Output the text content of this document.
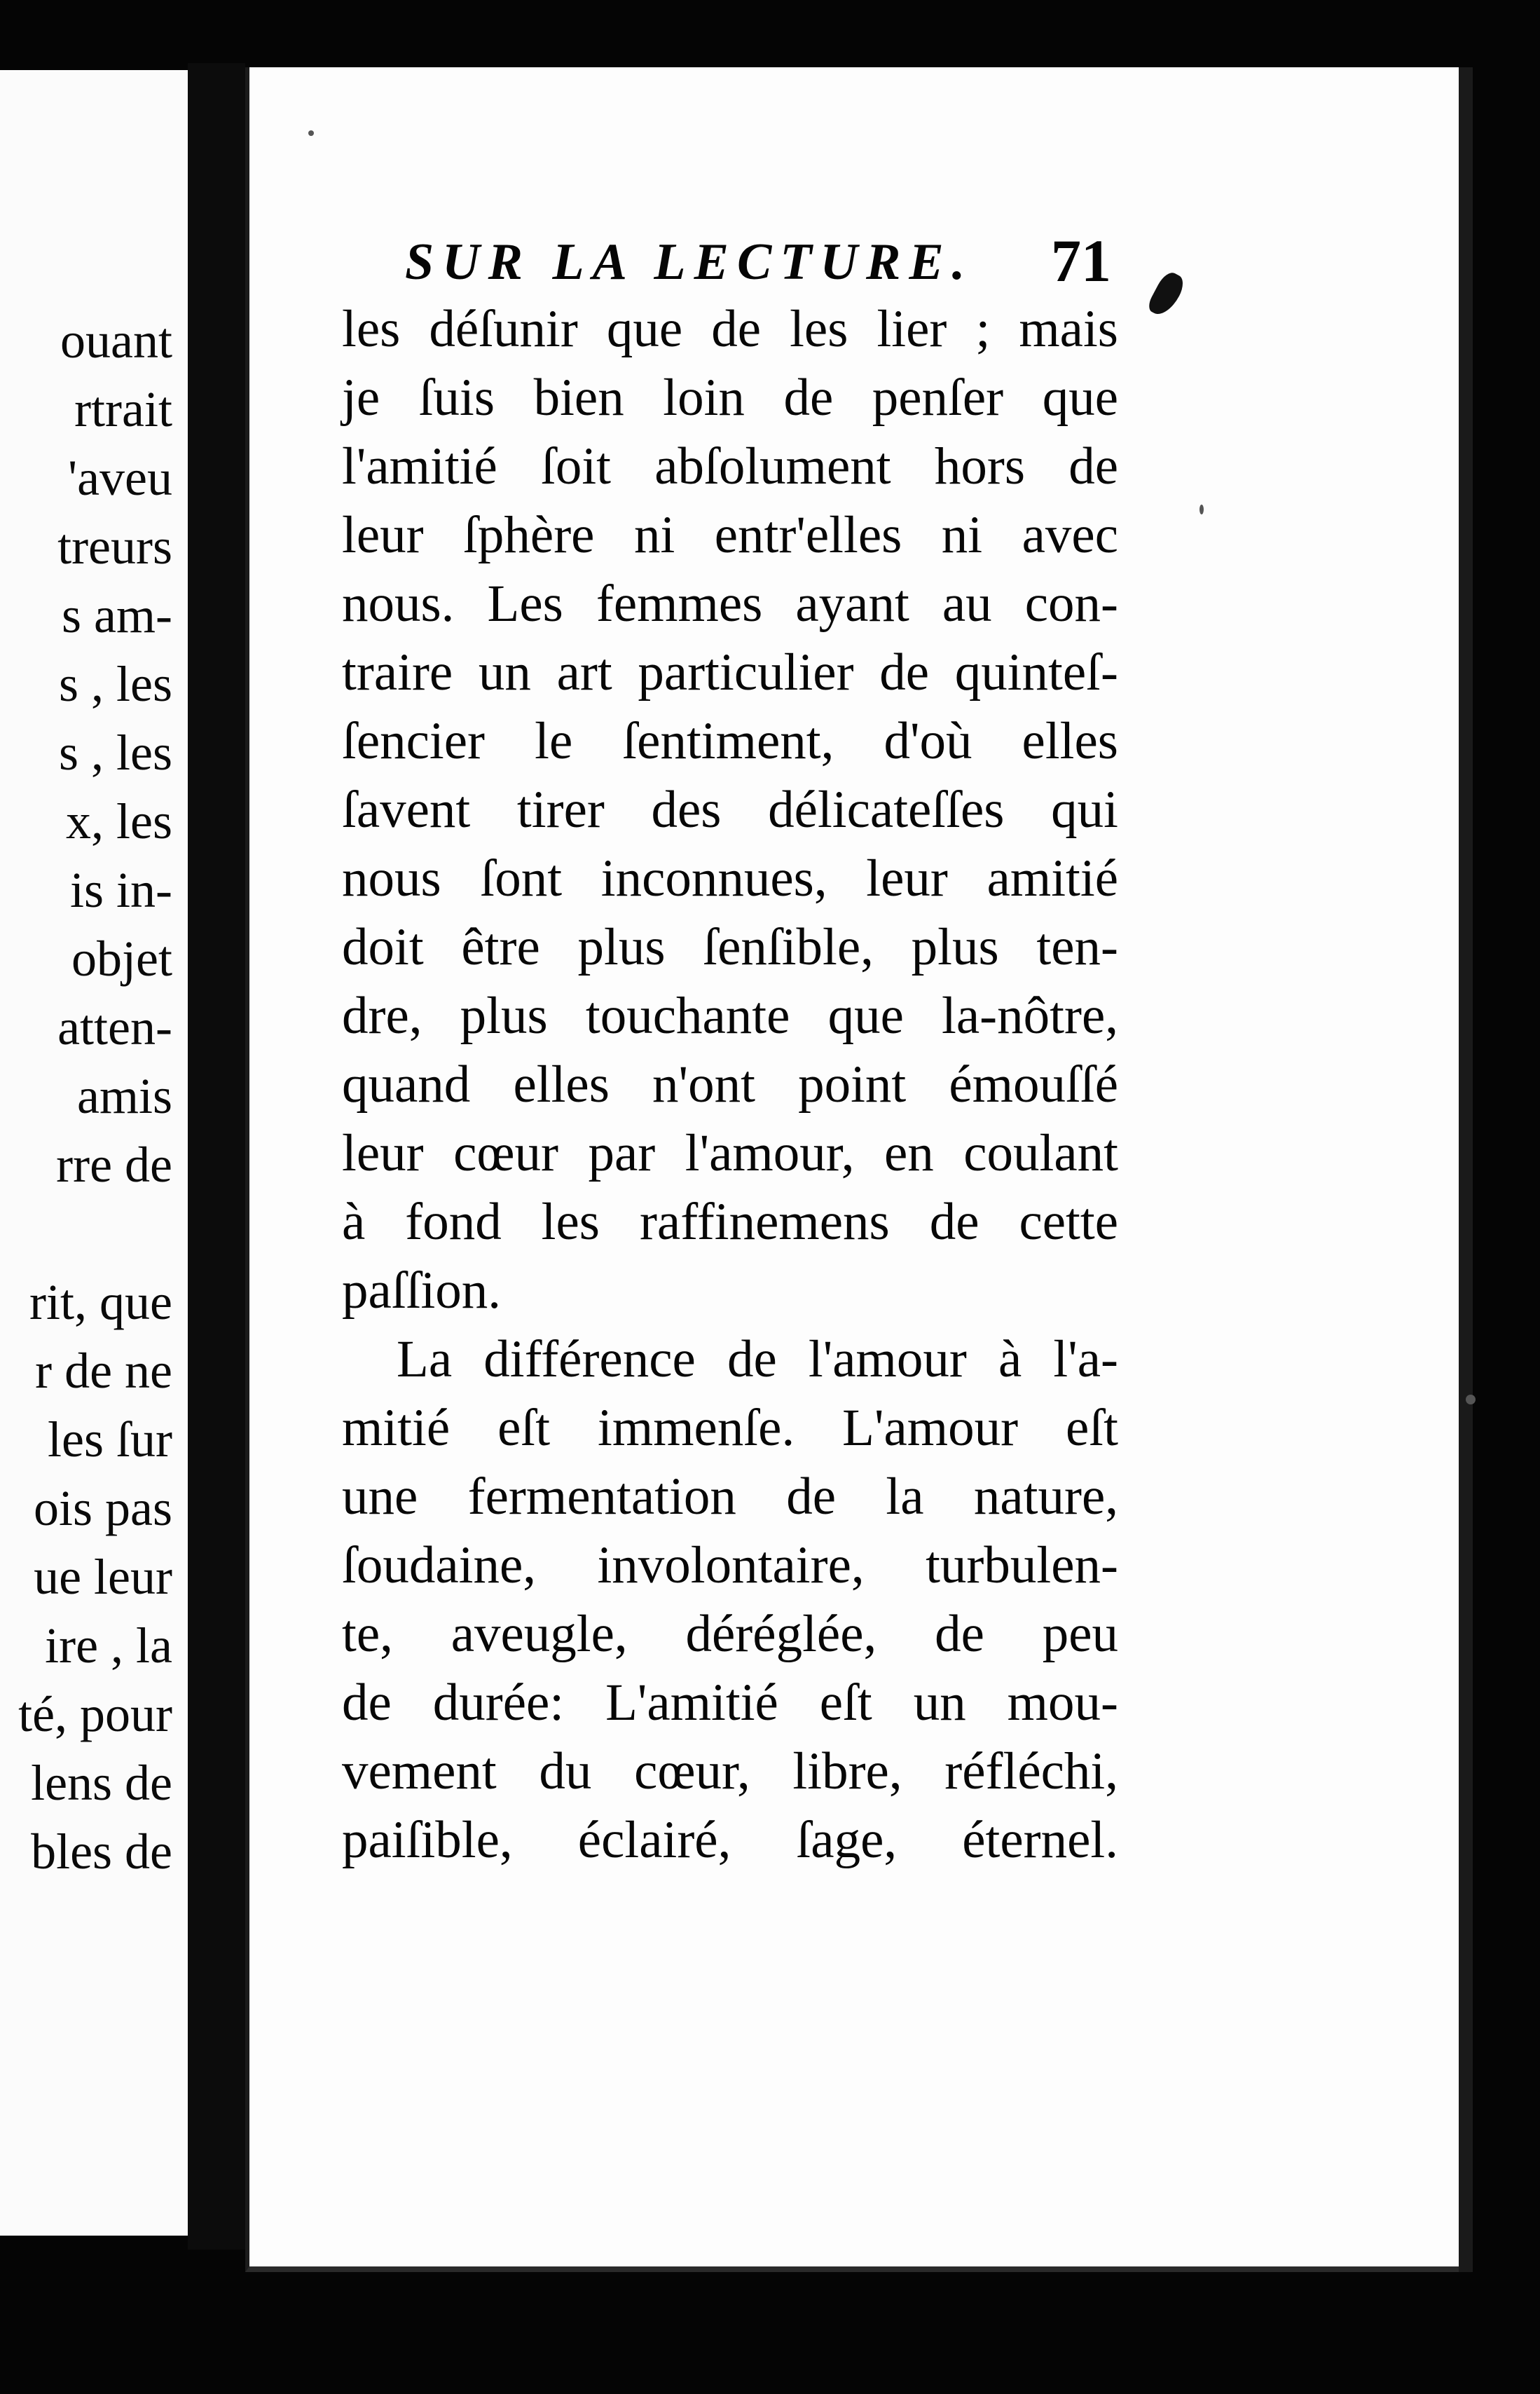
ouant
rtrait
'aveu
treurs
s am-
s , les
s , les
x, les
is in-
objet
atten-
amis
rre de
rit, que
r de ne
les ſur
ois pas
ue leur
ire , la
té, pour
lens de
bles de
SUR LA LECTURE. 71
les déſunir que de les lier ; mais
je ſuis bien loin de penſer que
l'amitié ſoit abſolument hors de
leur ſphère ni entr'elles ni avec
nous. Les femmes ayant au con-
traire un art particulier de quinteſ-
ſencier le ſentiment, d'où elles
ſavent tirer des délicateſſes qui
nous ſont inconnues, leur amitié
doit être plus ſenſible, plus ten-
dre, plus touchante que la-nôtre,
quand elles n'ont point émouſſé
leur cœur par l'amour, en coulant
à fond les raffinemens de cette
paſſion.
La différence de l'amour à l'a-
mitié eſt immenſe. L'amour eſt
une fermentation de la nature,
ſoudaine, involontaire, turbulen-
te, aveugle, déréglée, de peu
de durée: L'amitié eſt un mou-
vement du cœur, libre, réfléchi,
paiſible, éclairé, ſage, éternel.
